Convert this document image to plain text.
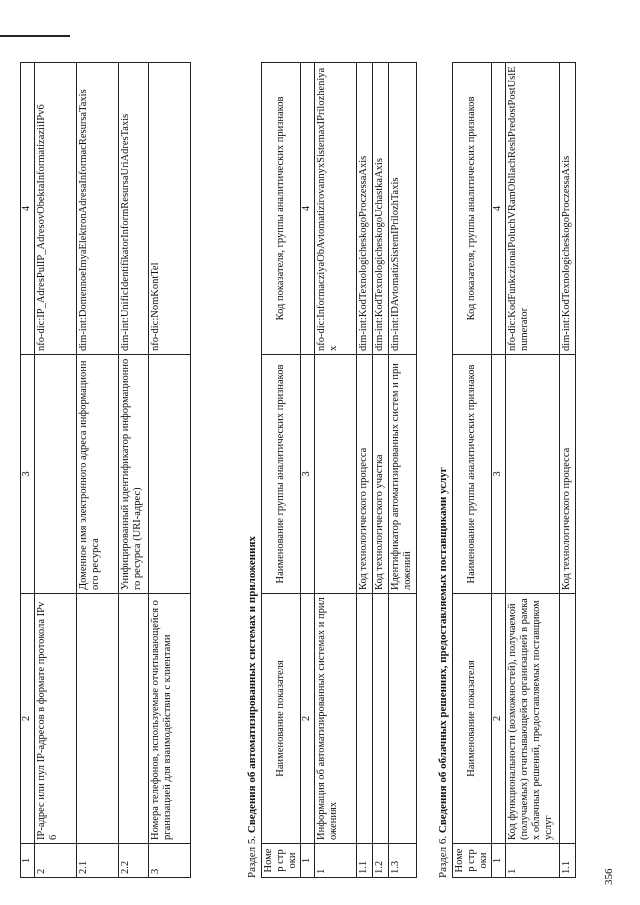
356
1	2	3	4
2	IP-адрес или пул IP-адресов в формате протокола IPv6		nfo-dic:IP_AdresPulIP_AdresovObektaInformatizaziiIPv6
2.1		Доменное имя электронного адреса информационного ресурса	dim-int:DomennoeImyaElektronAdresaInformacResursaTaxis
2.2		Унифицированный идентификатор информационного ресурса (URI-адрес)	dim-int:UnificIdentifikatorInformResursaUriAdresTaxis
3	Номера телефонов, используемые отчитывающейся организацией для взаимодействия с клиентами		nfo-dic:NomKontTel

Раздел 5. Сведения об автоматизированных системах и приложениях

Номер строки	Наименование показателя	Наименование группы аналитических признаков	Код показателя, группы аналитических признаков
1	2	3	4
1	Информация об автоматизированных системах и приложениях		nfo-dic:InformacziyaObAvtomatizirovannyxSistemaxIPrilozheniyax
1.1		Код технологического процесса	dim-int:KodTexnologicheskogoProczessaAxis
1.2		Код технологического участка	dim-int:KodTexnologicheskogoUchastkaAxis
1.3		Идентификатор автоматизированных систем и приложений	dim-int:IDAvtomatizSistemIPrilozhTaxis

Раздел 6. Сведения об облачных решениях, предоставляемых поставщиками услуг

Номер строки	Наименование показателя	Наименование группы аналитических признаков	Код показателя, группы аналитических признаков
1	2	3	4
1	Код функциональности (возможностей), получаемой (получаемых) отчитывающейся организацией в рамках облачных решений, предоставляемых поставщиком услуг		nfo-dic:KodFunkczionalPoluchVRamObllachReshPredostPostUslEnumerator
1.1		Код технологического процесса	dim-int:KodTexnologicheskogoProczessaAxis
